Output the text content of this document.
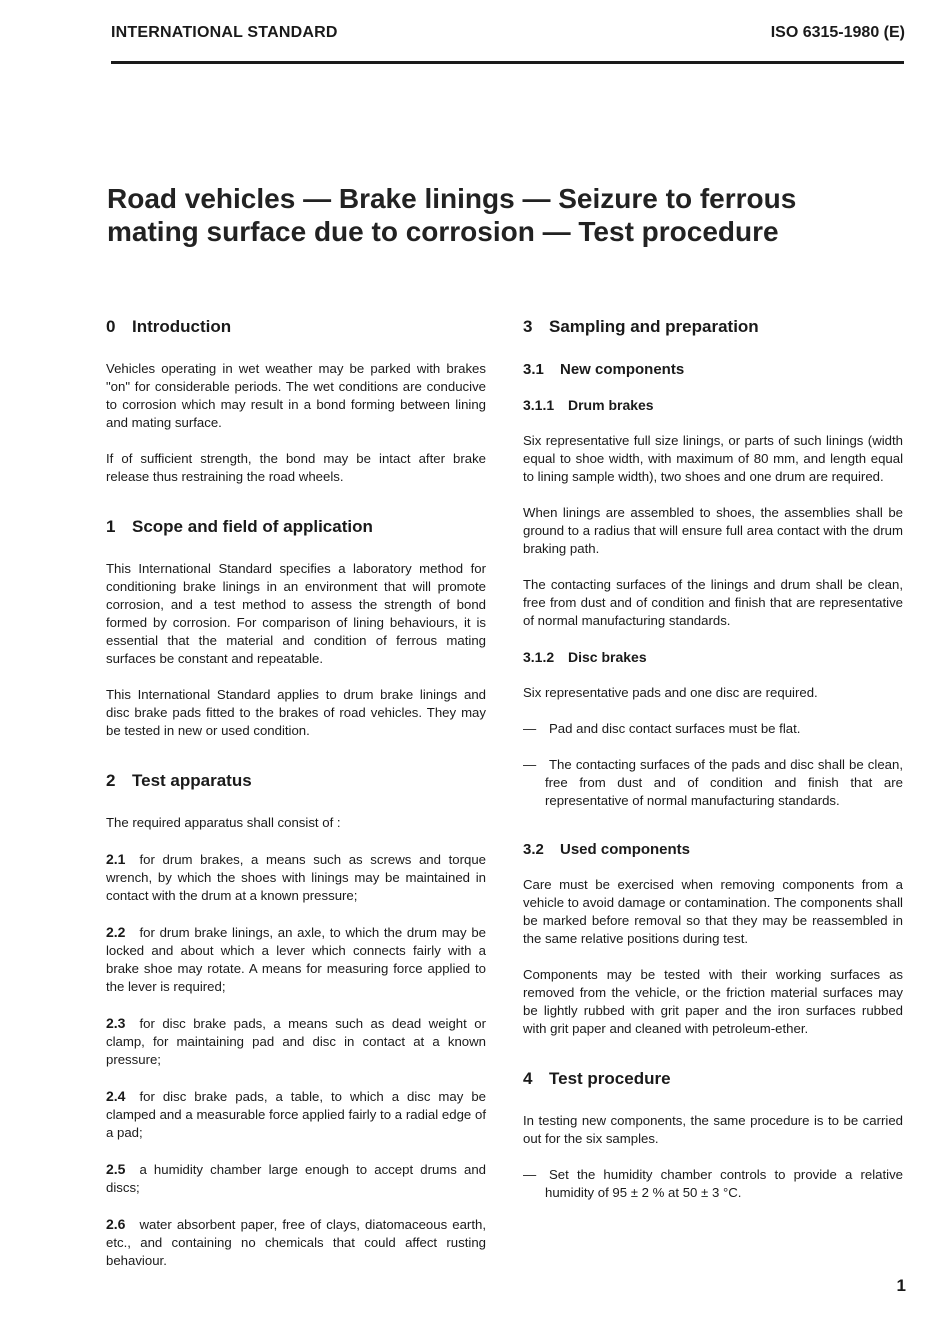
INTERNATIONAL STANDARD	ISO 6315-1980 (E)
Road vehicles — Brake linings — Seizure to ferrous
mating surface due to corrosion — Test procedure
0 Introduction

Vehicles operating in wet weather may be parked with brakes "on" for considerable periods. The wet conditions are conducive to corrosion which may result in a bond forming between lining and mating surface.

If of sufficient strength, the bond may be intact after brake release thus restraining the road wheels.

1 Scope and field of application

This International Standard specifies a laboratory method for conditioning brake linings in an environment that will promote corrosion, and a test method to assess the strength of bond formed by corrosion. For comparison of lining behaviours, it is essential that the material and condition of ferrous mating surfaces be constant and repeatable.

This International Standard applies to drum brake linings and disc brake pads fitted to the brakes of road vehicles. They may be tested in new or used condition.

2 Test apparatus

The required apparatus shall consist of :

2.1 for drum brakes, a means such as screws and torque wrench, by which the shoes with linings may be maintained in contact with the drum at a known pressure;

2.2 for drum brake linings, an axle, to which the drum may be locked and about which a lever which connects fairly with a brake shoe may rotate. A means for measuring force applied to the lever is required;

2.3 for disc brake pads, a means such as dead weight or clamp, for maintaining pad and disc in contact at a known pressure;

2.4 for disc brake pads, a table, to which a disc may be clamped and a measurable force applied fairly to a radial edge of a pad;

2.5 a humidity chamber large enough to accept drums and discs;

2.6 water absorbent paper, free of clays, diatomaceous earth, etc., and containing no chemicals that could affect rusting behaviour.

3 Sampling and preparation
3.1 New components
3.1.1 Drum brakes

Six representative full size linings, or parts of such linings (width equal to shoe width, with maximum of 80 mm, and length equal to lining sample width), two shoes and one drum are required.

When linings are assembled to shoes, the assemblies shall be ground to a radius that will ensure full area contact with the drum braking path.

The contacting surfaces of the linings and drum shall be clean, free from dust and of condition and finish that are representative of normal manufacturing standards.

3.1.2 Disc brakes

Six representative pads and one disc are required.

— Pad and disc contact surfaces must be flat.

— The contacting surfaces of the pads and disc shall be clean, free from dust and of condition and finish that are representative of normal manufacturing standards.

3.2 Used components

Care must be exercised when removing components from a vehicle to avoid damage or contamination. The components shall be marked before removal so that they may be reassembled in the same relative positions during test.

Components may be tested with their working surfaces as removed from the vehicle, or the friction material surfaces may be lightly rubbed with grit paper and the iron surfaces rubbed with grit paper and cleaned with petroleum-ether.

4 Test procedure

In testing new components, the same procedure is to be carried out for the six samples.

— Set the humidity chamber controls to provide a relative humidity of 95 ± 2 % at 50 ± 3 °C.

1
